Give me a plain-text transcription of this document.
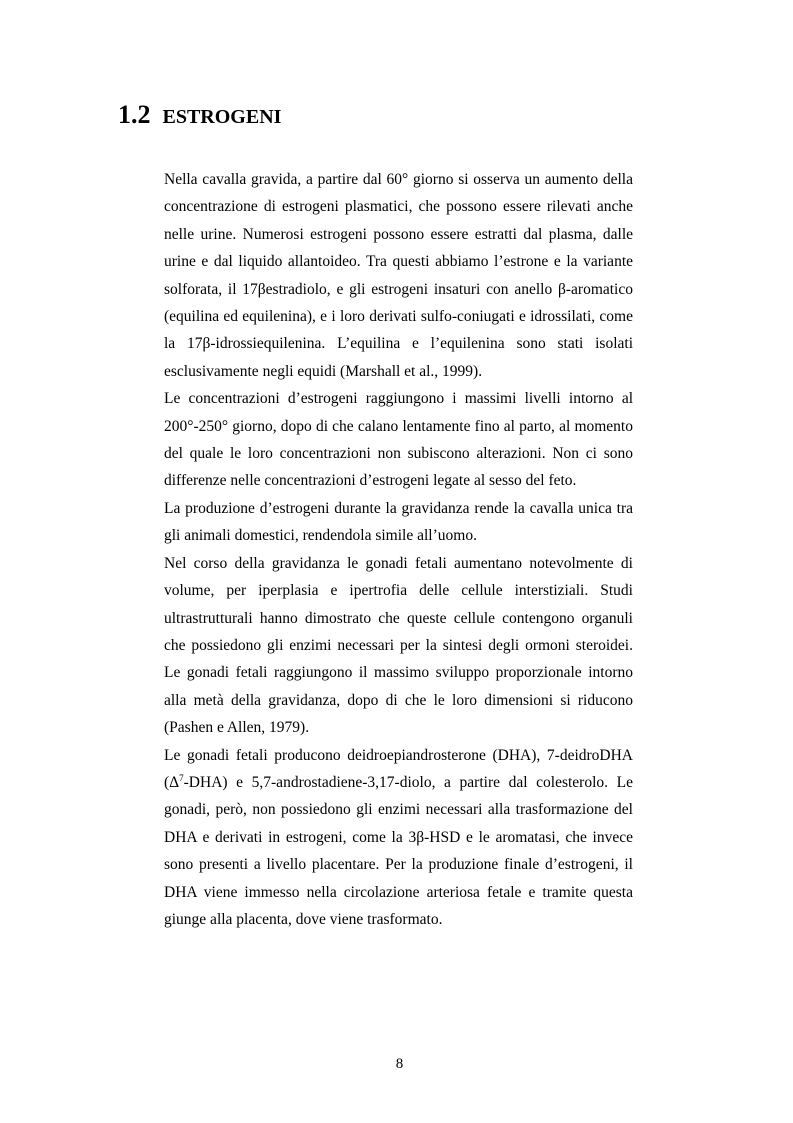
1.2 ESTROGENI

Nella cavalla gravida, a partire dal 60° giorno si osserva un aumento della concentrazione di estrogeni plasmatici, che possono essere rilevati anche nelle urine. Numerosi estrogeni possono essere estratti dal plasma, dalle urine e dal liquido allantoideo. Tra questi abbiamo l’estrone e la variante solforata, il 17βestradiolo, e gli estrogeni insaturi con anello β-aromatico (equilina ed equilenina), e i loro derivati sulfo-coniugati e idrossilati, come la 17β-idrossiequilenina. L’equilina e l’equilenina sono stati isolati esclusivamente negli equidi (Marshall et al., 1999).

Le concentrazioni d’estrogeni raggiungono i massimi livelli intorno al 200°-250° giorno, dopo di che calano lentamente fino al parto, al momento del quale le loro concentrazioni non subiscono alterazioni. Non ci sono differenze nelle concentrazioni d’estrogeni legate al sesso del feto.

La produzione d’estrogeni durante la gravidanza rende la cavalla unica tra gli animali domestici, rendendola simile all’uomo.

Nel corso della gravidanza le gonadi fetali aumentano notevolmente di volume, per iperplasia e ipertrofia delle cellule interstiziali. Studi ultrastrutturali hanno dimostrato che queste cellule contengono organuli che possiedono gli enzimi necessari per la sintesi degli ormoni steroidei. Le gonadi fetali raggiungono il massimo sviluppo proporzionale intorno alla metà della gravidanza, dopo di che le loro dimensioni si riducono (Pashen e Allen, 1979).

Le gonadi fetali producono deidroepiandrosterone (DHA), 7-deidroDHA $(\Delta^7-DHA)$ e 5,7-androstadiene-3,17-diolo, a partire dal colesterolo. Le gonadi, però, non possiedono gli enzimi necessari alla trasformazione del DHA e derivati in estrogeni, come la 3β-HSD e le aromatasi, che invece sono presenti a livello placentare. Per la produzione finale d’estrogeni, il DHA viene immesso nella circolazione arteriosa fetale e tramite questa giunge alla placenta, dove viene trasformato.

8
